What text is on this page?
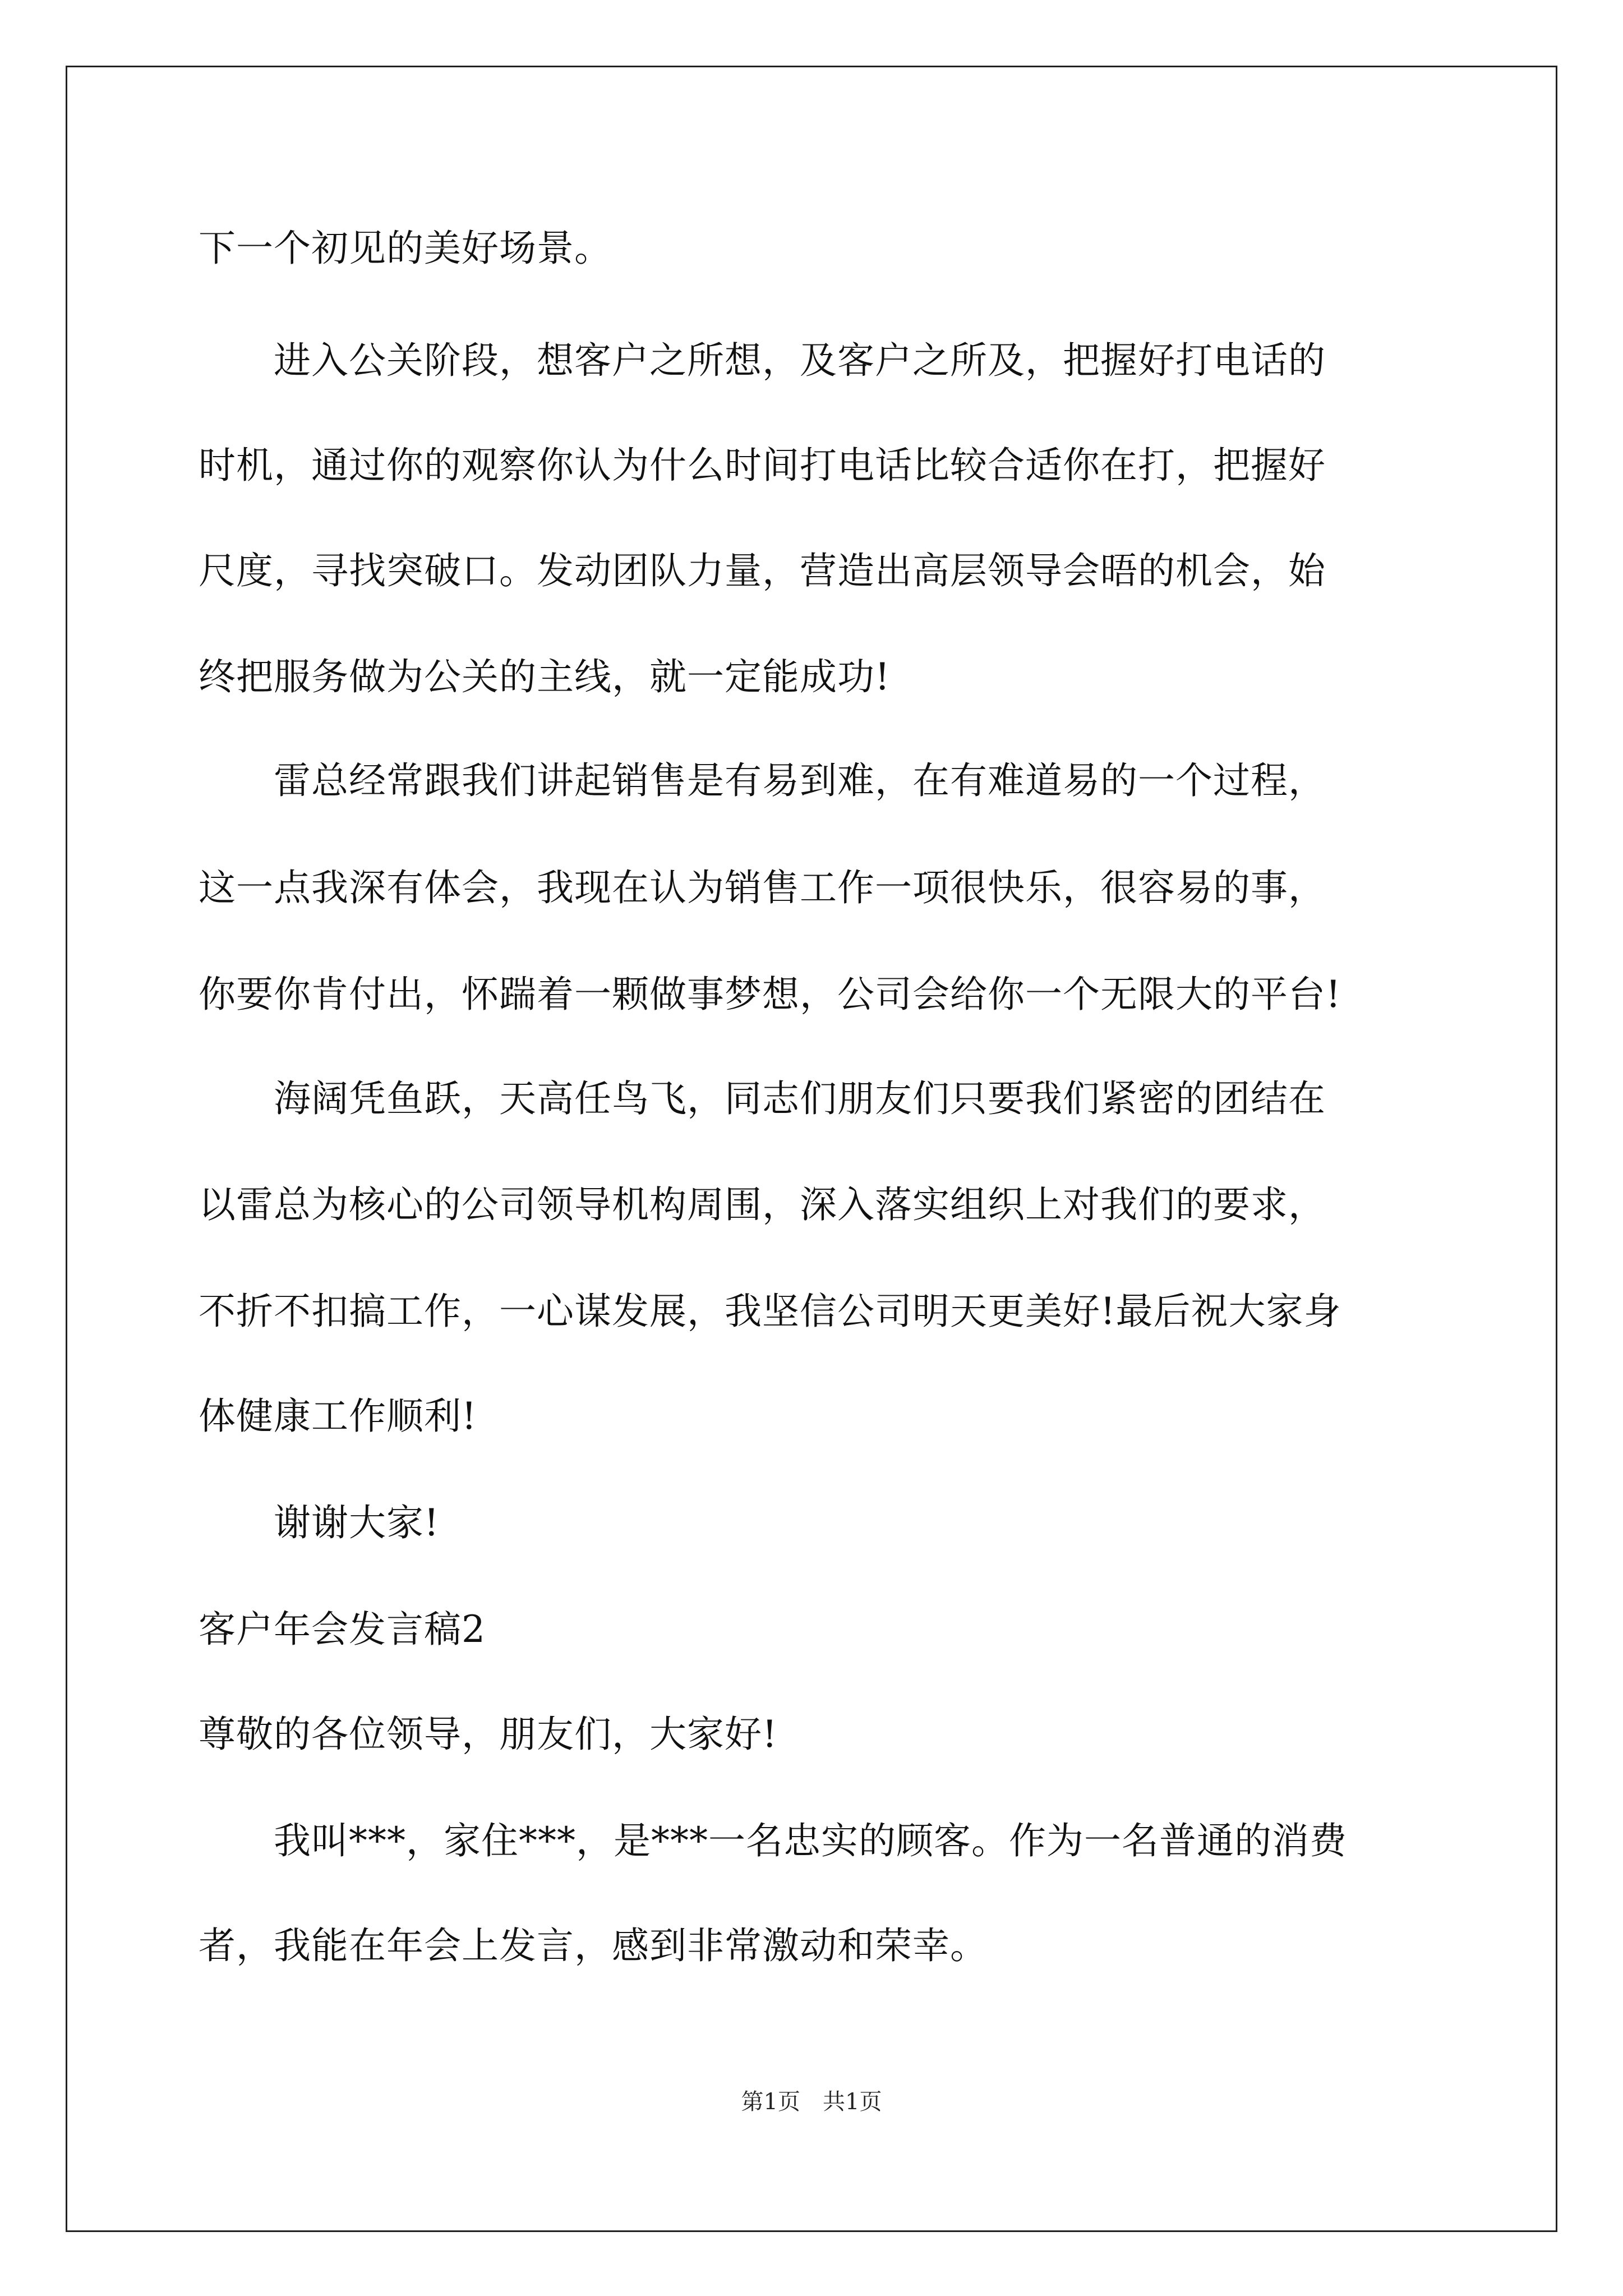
下一个初见的美好场景。
　　进入公关阶段，想客户之所想，及客户之所及，把握好打电话的
时机，通过你的观察你认为什么时间打电话比较合适你在打，把握好
尺度，寻找突破口。发动团队力量，营造出高层领导会晤的机会，始
终把服务做为公关的主线，就一定能成功!
　　雷总经常跟我们讲起销售是有易到难，在有难道易的一个过程，
这一点我深有体会，我现在认为销售工作一项很快乐，很容易的事，
你要你肯付出，怀踹着一颗做事梦想，公司会给你一个无限大的平台!
　　海阔凭鱼跃，天高任鸟飞，同志们朋友们只要我们紧密的团结在
以雷总为核心的公司领导机构周围，深入落实组织上对我们的要求，
不折不扣搞工作，一心谋发展，我坚信公司明天更美好!最后祝大家身
体健康工作顺利!
　　谢谢大家!
客户年会发言稿2
尊敬的各位领导，朋友们，大家好!
　　我叫***，家住***，是***一名忠实的顾客。作为一名普通的消费
者，我能在年会上发言，感到非常激动和荣幸。
第1页　共1页
